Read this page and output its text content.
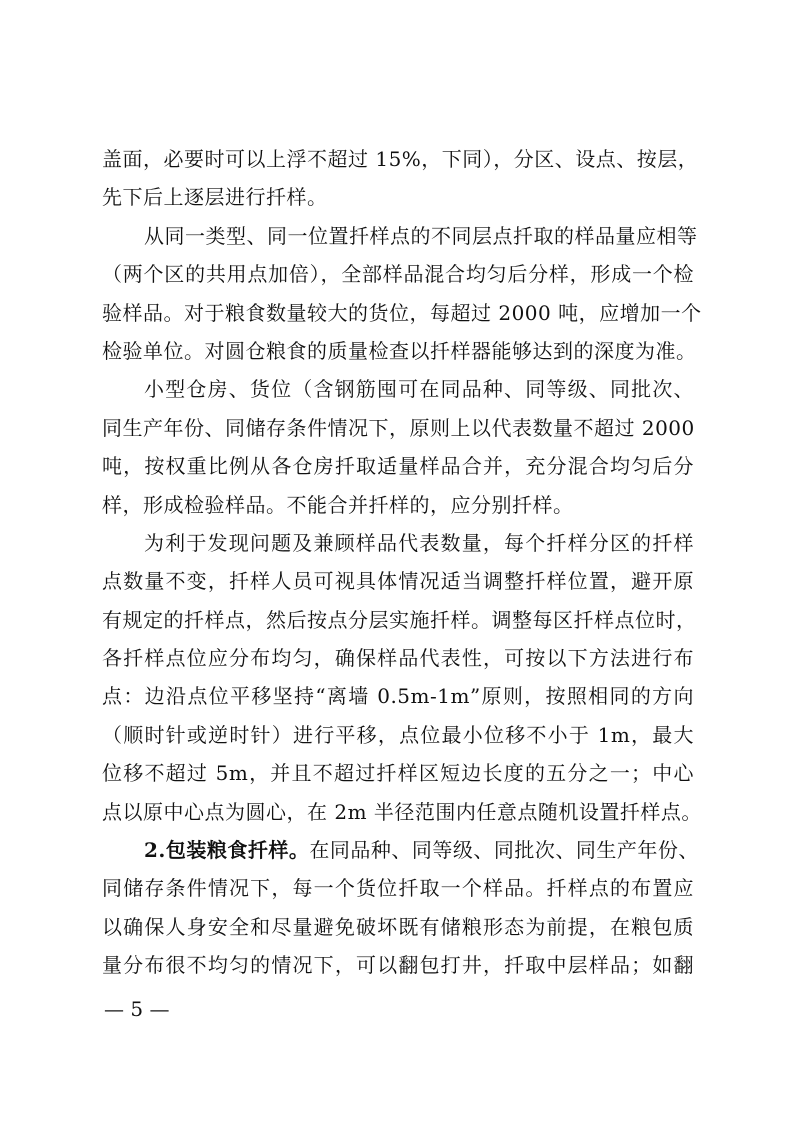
盖面，必要时可以上浮不超过 15%，下同），分区、设点、按层，
先下后上逐层进行扦样。
从同一类型、同一位置扦样点的不同层点扦取的样品量应相等
（两个区的共用点加倍），全部样品混合均匀后分样，形成一个检
验样品。对于粮食数量较大的货位，每超过 2000 吨，应增加一个
检验单位。对圆仓粮食的质量检查以扦样器能够达到的深度为准。
小型仓房、货位（含钢筋囤可在同品种、同等级、同批次、
同生产年份、同储存条件情况下，原则上以代表数量不超过 2000
吨，按权重比例从各仓房扦取适量样品合并，充分混合均匀后分
样，形成检验样品。不能合并扦样的，应分别扦样。
为利于发现问题及兼顾样品代表数量，每个扦样分区的扦样
点数量不变，扦样人员可视具体情况适当调整扦样位置，避开原
有规定的扦样点，然后按点分层实施扦样。调整每区扦样点位时，
各扦样点位应分布均匀，确保样品代表性，可按以下方法进行布
点：边沿点位平移坚持“离墙 0.5m-1m”原则，按照相同的方向
（顺时针或逆时针）进行平移，点位最小位移不小于 1m，最大
位移不超过 5m，并且不超过扦样区短边长度的五分之一；中心
点以原中心点为圆心，在 2m 半径范围内任意点随机设置扦样点。
2.包装粮食扦样。在同品种、同等级、同批次、同生产年份、
同储存条件情况下，每一个货位扦取一个样品。扦样点的布置应
以确保人身安全和尽量避免破坏既有储粮形态为前提，在粮包质
量分布很不均匀的情况下，可以翻包打井，扦取中层样品；如翻
— 5 —
